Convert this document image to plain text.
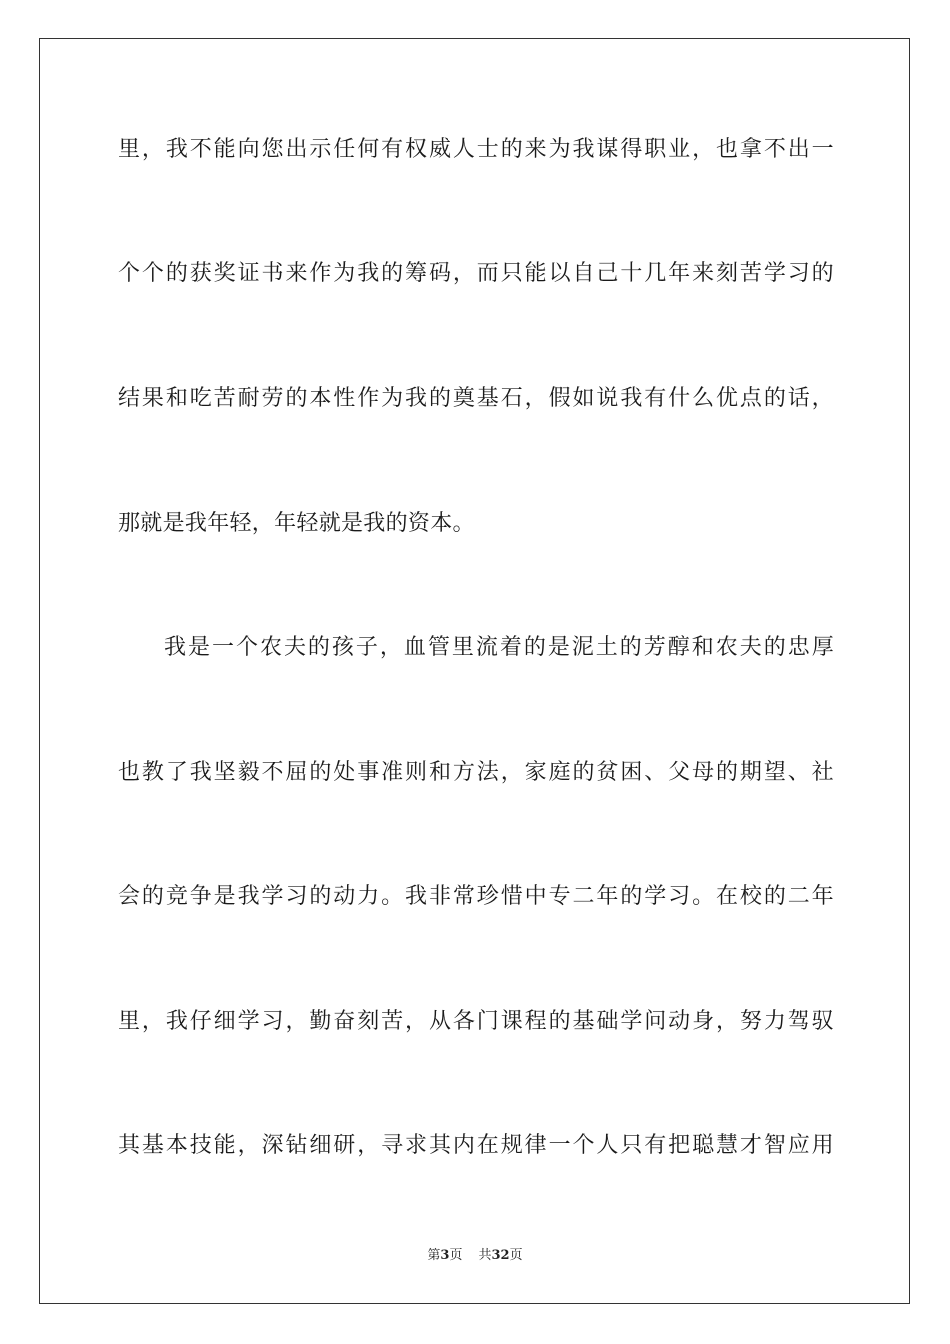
里，我不能向您出示任何有权威人士的来为我谋得职业，也拿不出一
个个的获奖证书来作为我的筹码，而只能以自己十几年来刻苦学习的
结果和吃苦耐劳的本性作为我的奠基石，假如说我有什么优点的话，
那就是我年轻，年轻就是我的资本。
我是一个农夫的孩子，血管里流着的是泥土的芳醇和农夫的忠厚
也教了我坚毅不屈的处事准则和方法，家庭的贫困、父母的期望、社
会的竞争是我学习的动力。我非常珍惜中专二年的学习。在校的二年
里，我仔细学习，勤奋刻苦，从各门课程的基础学问动身，努力驾驭
其基本技能，深钻细研，寻求其内在规律一个人只有把聪慧才智应用
第3页 共32页
